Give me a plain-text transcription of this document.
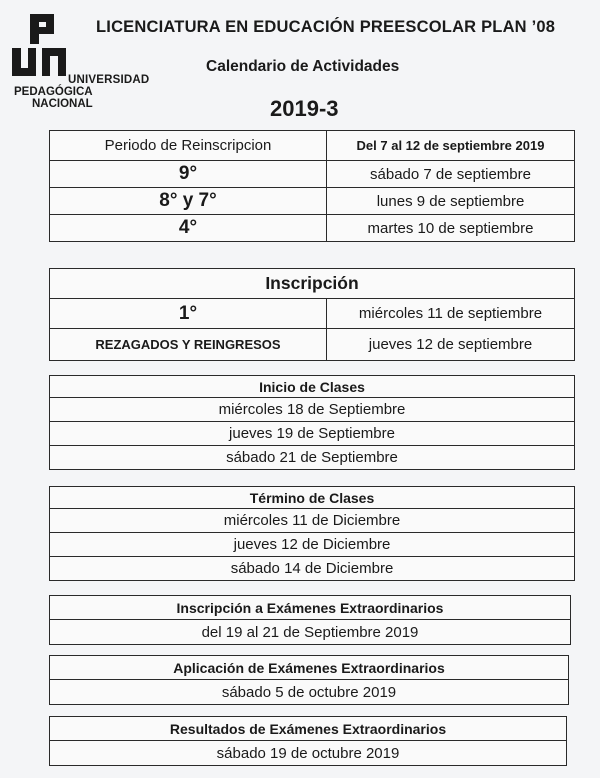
UNIVERSIDAD
PEDAGÓGICA
NACIONAL
LICENCIATURA EN EDUCACIÓN PREESCOLAR PLAN ’08
Calendario de Actividades
2019-3
Periodo de Reinscripcion	Del 7 al 12 de septiembre 2019
9°	sábado 7 de septiembre
8° y 7°	lunes 9 de septiembre
4°	martes 10 de septiembre
Inscripción	
1°	miércoles 11 de septiembre
REZAGADOS Y REINGRESOS	jueves 12 de septiembre
Inicio de Clases
miércoles 18 de Septiembre
jueves 19 de Septiembre
sábado 21 de Septiembre
Término de Clases
miércoles 11 de Diciembre
jueves 12 de Diciembre
sábado 14 de Diciembre
Inscripción a Exámenes Extraordinarios
del 19 al 21 de Septiembre 2019
Aplicación de Exámenes Extraordinarios
sábado 5 de octubre 2019
Resultados de Exámenes Extraordinarios
sábado 19 de octubre 2019
